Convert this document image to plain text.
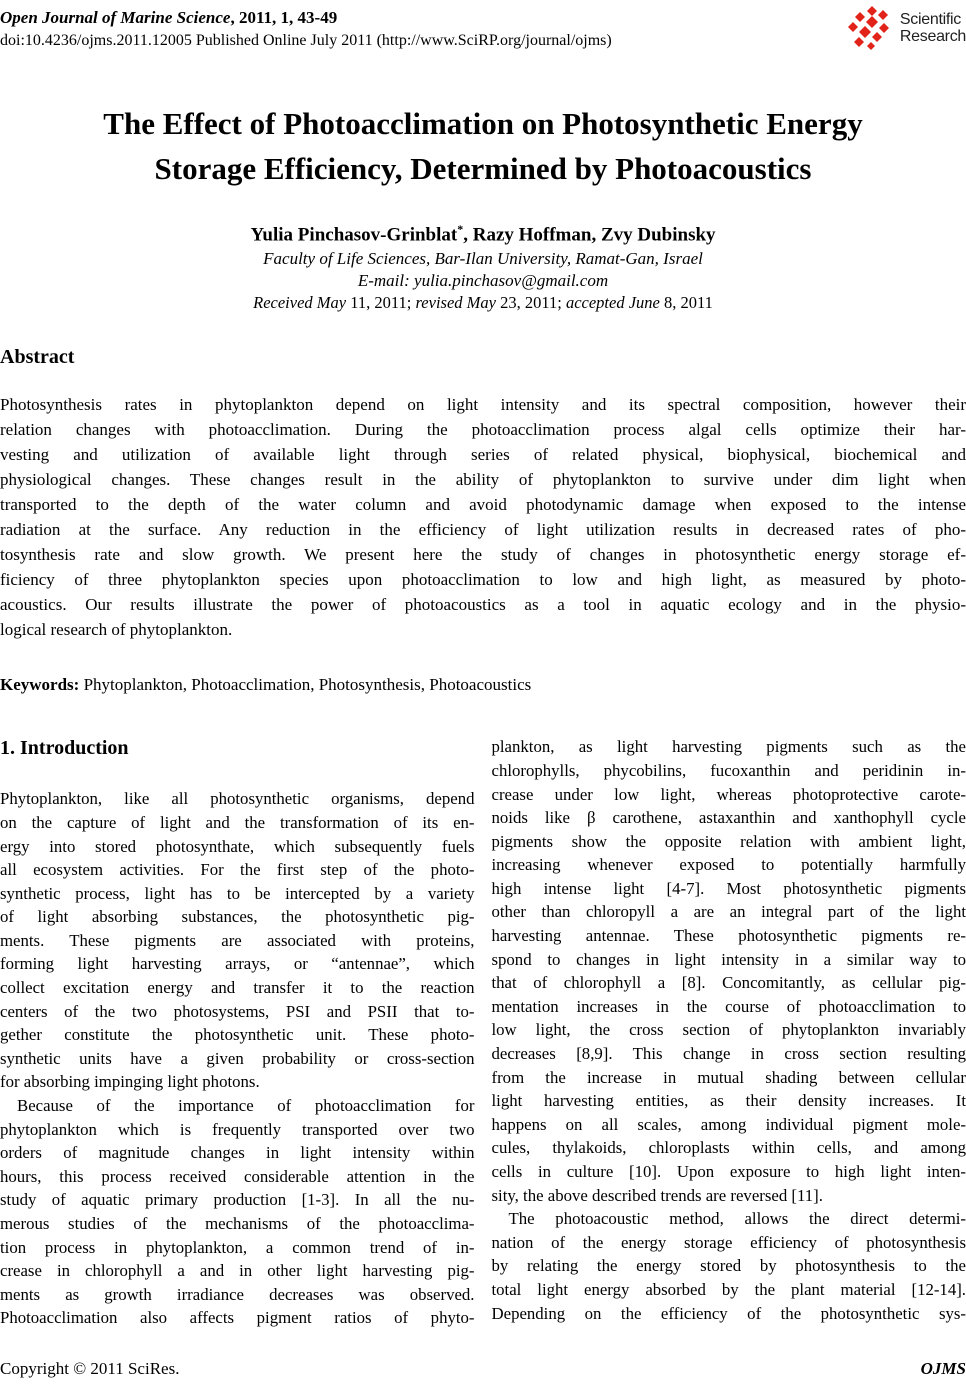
Open Journal of Marine Science, 2011, 1, 43-49
doi:10.4236/ojms.2011.12005 Published Online July 2011 (http://www.SciRP.org/journal/ojms)
Scientific
Research
The Effect of Photoacclimation on Photosynthetic Energy
Storage Efficiency, Determined by Photoacoustics
Yulia Pinchasov-Grinblat*, Razy Hoffman, Zvy Dubinsky
Faculty of Life Sciences, Bar-Ilan University, Ramat-Gan, Israel
E-mail: yulia.pinchasov@gmail.com
Received May 11, 2011; revised May 23, 2011; accepted June 8, 2011
Abstract
Photosynthesis rates in phytoplankton depend on light intensity and its spectral composition, however their
relation changes with photoacclimation. During the photoacclimation process algal cells optimize their har-
vesting and utilization of available light through series of related physical, biophysical, biochemical and
physiological changes. These changes result in the ability of phytoplankton to survive under dim light when
transported to the depth of the water column and avoid photodynamic damage when exposed to the intense
radiation at the surface. Any reduction in the efficiency of light utilization results in decreased rates of pho-
tosynthesis rate and slow growth. We present here the study of changes in photosynthetic energy storage ef-
ficiency of three phytoplankton species upon photoacclimation to low and high light, as measured by photo-
acoustics. Our results illustrate the power of photoacoustics as a tool in aquatic ecology and in the physio-
logical research of phytoplankton.
Keywords: Phytoplankton, Photoacclimation, Photosynthesis, Photoacoustics
1. Introduction
Phytoplankton, like all photosynthetic organisms, depend
on the capture of light and the transformation of its en-
ergy into stored photosynthate, which subsequently fuels
all ecosystem activities. For the first step of the photo-
synthetic process, light has to be intercepted by a variety
of light absorbing substances, the photosynthetic pig-
ments. These pigments are associated with proteins,
forming light harvesting arrays, or “antennae”, which
collect excitation energy and transfer it to the reaction
centers of the two photosystems, PSI and PSII that to-
gether constitute the photosynthetic unit. These photo-
synthetic units have a given probability or cross-section
for absorbing impinging light photons.
Because of the importance of photoacclimation for
phytoplankton which is frequently transported over two
orders of magnitude changes in light intensity within
hours, this process received considerable attention in the
study of aquatic primary production [1-3]. In all the nu-
merous studies of the mechanisms of the photoacclima-
tion process in phytoplankton, a common trend of in-
crease in chlorophyll a and in other light harvesting pig-
ments as growth irradiance decreases was observed.
Photoacclimation also affects pigment ratios of phyto-
plankton, as light harvesting pigments such as the
chlorophylls, phycobilins, fucoxanthin and peridinin in-
crease under low light, whereas photoprotective carote-
noids like β carothene, astaxanthin and xanthophyll cycle
pigments show the opposite relation with ambient light,
increasing whenever exposed to potentially harmfully
high intense light [4-7]. Most photosynthetic pigments
other than chloropyll a are an integral part of the light
harvesting antennae. These photosynthetic pigments re-
spond to changes in light intensity in a similar way to
that of chlorophyll a [8]. Concomitantly, as cellular pig-
mentation increases in the course of photoacclimation to
low light, the cross section of phytoplankton invariably
decreases [8,9]. This change in cross section resulting
from the increase in mutual shading between cellular
light harvesting entities, as their density increases. It
happens on all scales, among individual pigment mole-
cules, thylakoids, chloroplasts within cells, and among
cells in culture [10]. Upon exposure to high light inten-
sity, the above described trends are reversed [11].
The photoacoustic method, allows the direct determi-
nation of the energy storage efficiency of photosynthesis
by relating the energy stored by photosynthesis to the
total light energy absorbed by the plant material [12-14].
Depending on the efficiency of the photosynthetic sys-
Copyright © 2011 SciRes.	OJMS
